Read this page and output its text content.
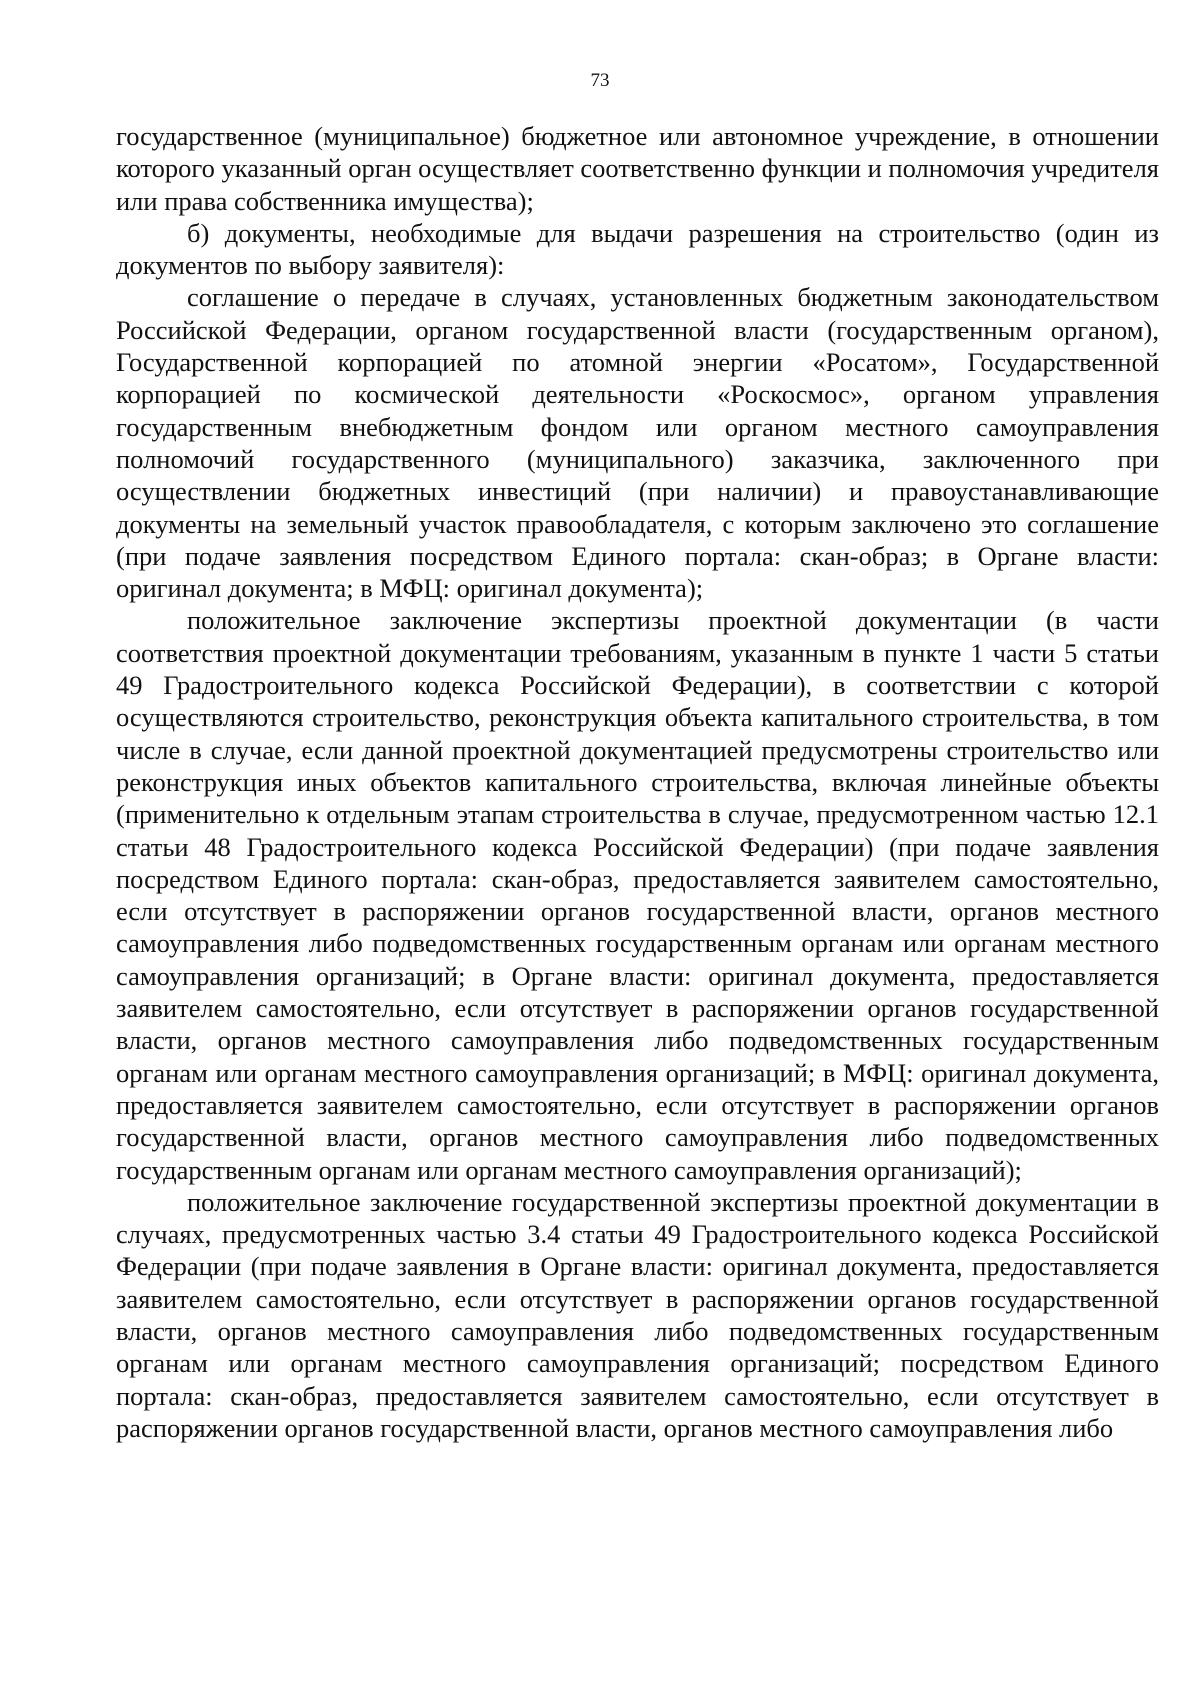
73

государственное (муниципальное) бюджетное или автономное учреждение, в отношении которого указанный орган осуществляет соответственно функции и полномочия учредителя или права собственника имущества);

б) документы, необходимые для выдачи разрешения на строительство (один из документов по выбору заявителя):

соглашение о передаче в случаях, установленных бюджетным законодательством Российской Федерации, органом государственной власти (государственным органом), Государственной корпорацией по атомной энергии «Росатом», Государственной корпорацией по космической деятельности «Роскосмос», органом управления государственным внебюджетным фондом или органом местного самоуправления полномочий государственного (муниципального) заказчика, заключенного при осуществлении бюджетных инвестиций (при наличии) и правоустанавливающие документы на земельный участок правообладателя, с которым заключено это соглашение (при подаче заявления посредством Единого портала: скан-образ; в Органе власти: оригинал документа; в МФЦ: оригинал документа);

положительное заключение экспертизы проектной документации (в части соответствия проектной документации требованиям, указанным в пункте 1 части 5 статьи 49 Градостроительного кодекса Российской Федерации), в соответствии с которой осуществляются строительство, реконструкция объекта капитального строительства, в том числе в случае, если данной проектной документацией предусмотрены строительство или реконструкция иных объектов капитального строительства, включая линейные объекты (применительно к отдельным этапам строительства в случае, предусмотренном частью 12.1 статьи 48 Градостроительного кодекса Российской Федерации) (при подаче заявления посредством Единого портала: скан-образ, предоставляется заявителем самостоятельно, если отсутствует в распоряжении органов государственной власти, органов местного самоуправления либо подведомственных государственным органам или органам местного самоуправления организаций; в Органе власти: оригинал документа, предоставляется заявителем самостоятельно, если отсутствует в распоряжении органов государственной власти, органов местного самоуправления либо подведомственных государственным органам или органам местного самоуправления организаций; в МФЦ: оригинал документа, предоставляется заявителем самостоятельно, если отсутствует в распоряжении органов государственной власти, органов местного самоуправления либо подведомственных государственным органам или органам местного самоуправления организаций);

положительное заключение государственной экспертизы проектной документации в случаях, предусмотренных частью 3.4 статьи 49 Градостроительного кодекса Российской Федерации (при подаче заявления в Органе власти: оригинал документа, предоставляется заявителем самостоятельно, если отсутствует в распоряжении органов государственной власти, органов местного самоуправления либо подведомственных государственным органам или органам местного самоуправления организаций; посредством Единого портала: скан-образ, предоставляется заявителем самостоятельно, если отсутствует в распоряжении органов государственной власти, органов местного самоуправления либо
